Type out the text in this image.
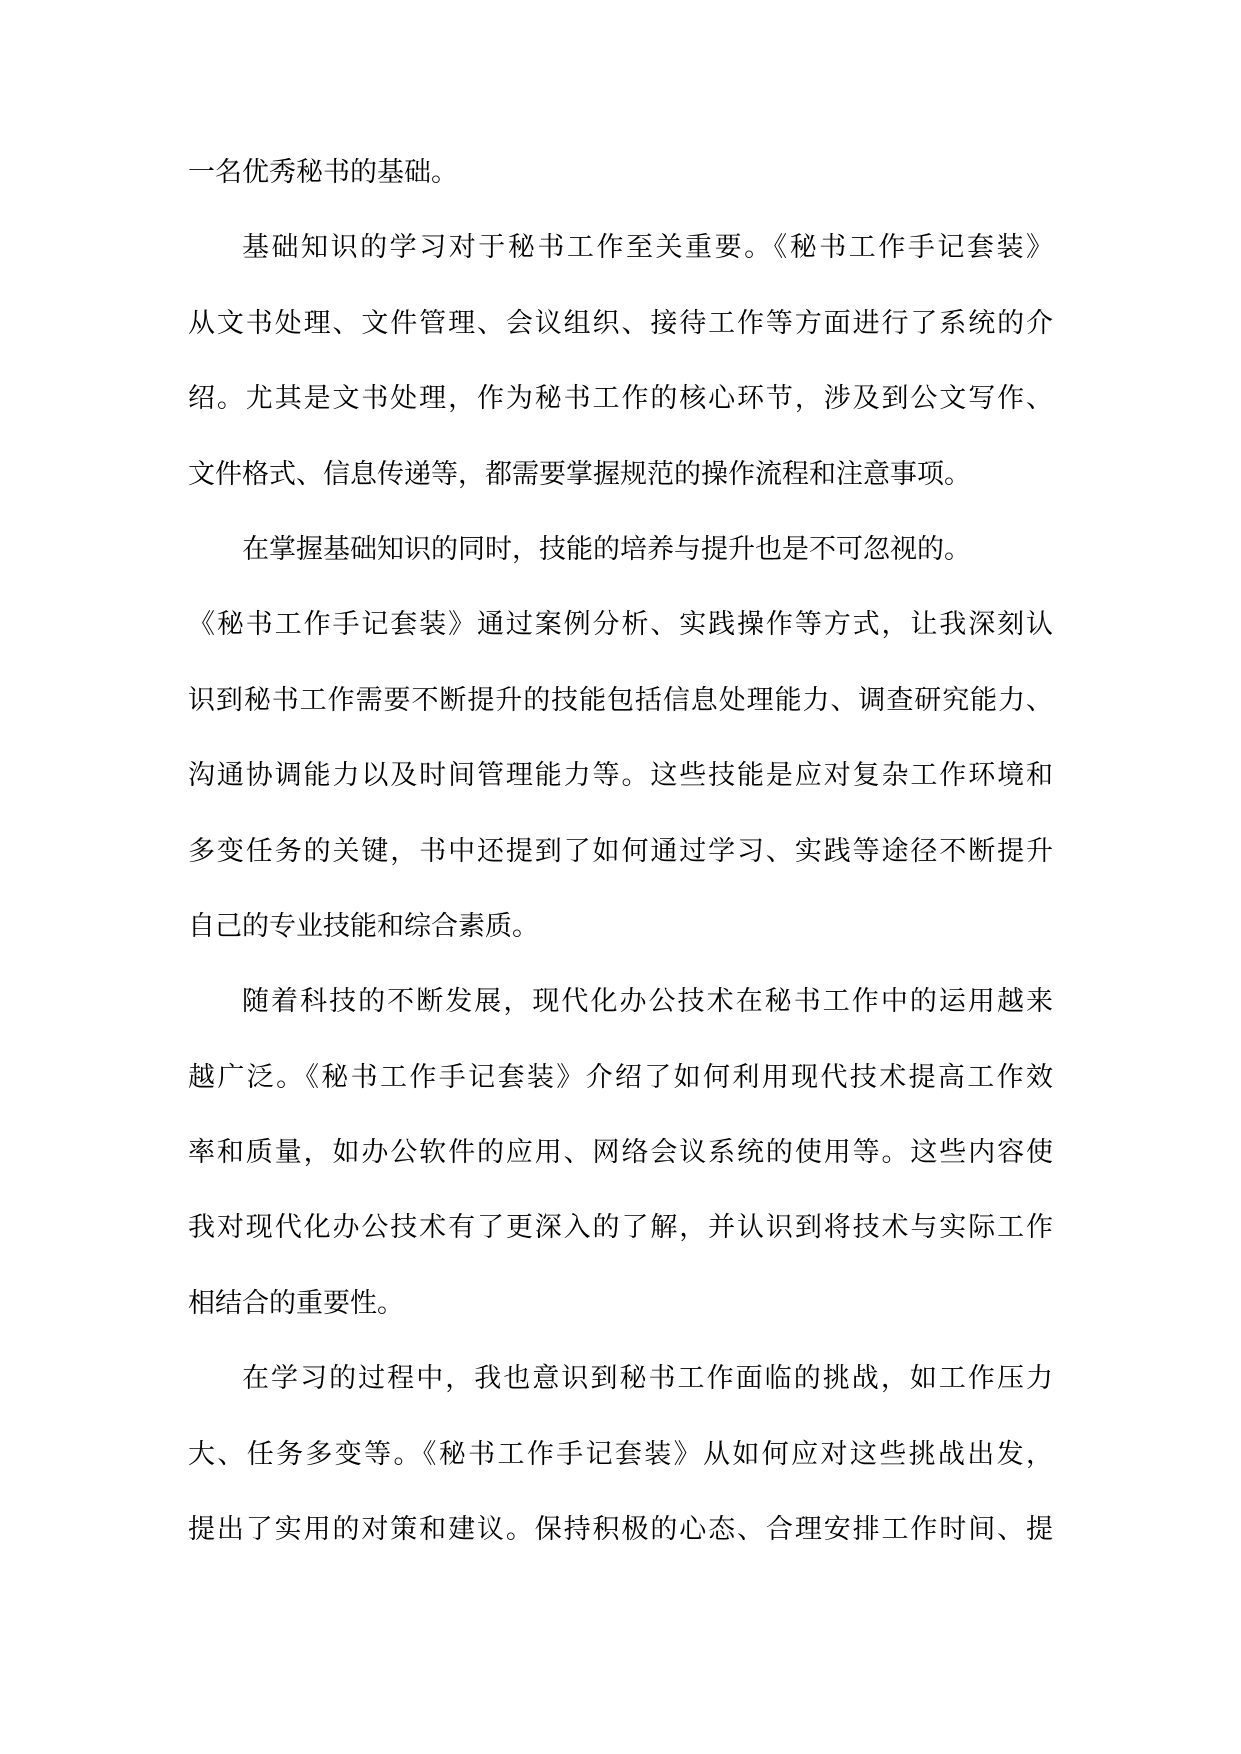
一名优秀秘书的基础。
基础知识的学习对于秘书工作至关重要。《秘书工作手记套装》
从文书处理、文件管理、会议组织、接待工作等方面进行了系统的介
绍。尤其是文书处理，作为秘书工作的核心环节，涉及到公文写作、
文件格式、信息传递等，都需要掌握规范的操作流程和注意事项。
在掌握基础知识的同时，技能的培养与提升也是不可忽视的。
《秘书工作手记套装》通过案例分析、实践操作等方式，让我深刻认
识到秘书工作需要不断提升的技能包括信息处理能力、调查研究能力、
沟通协调能力以及时间管理能力等。这些技能是应对复杂工作环境和
多变任务的关键，书中还提到了如何通过学习、实践等途径不断提升
自己的专业技能和综合素质。
随着科技的不断发展，现代化办公技术在秘书工作中的运用越来
越广泛。《秘书工作手记套装》介绍了如何利用现代技术提高工作效
率和质量，如办公软件的应用、网络会议系统的使用等。这些内容使
我对现代化办公技术有了更深入的了解，并认识到将技术与实际工作
相结合的重要性。
在学习的过程中，我也意识到秘书工作面临的挑战，如工作压力
大、任务多变等。《秘书工作手记套装》从如何应对这些挑战出发，
提出了实用的对策和建议。保持积极的心态、合理安排工作时间、提
